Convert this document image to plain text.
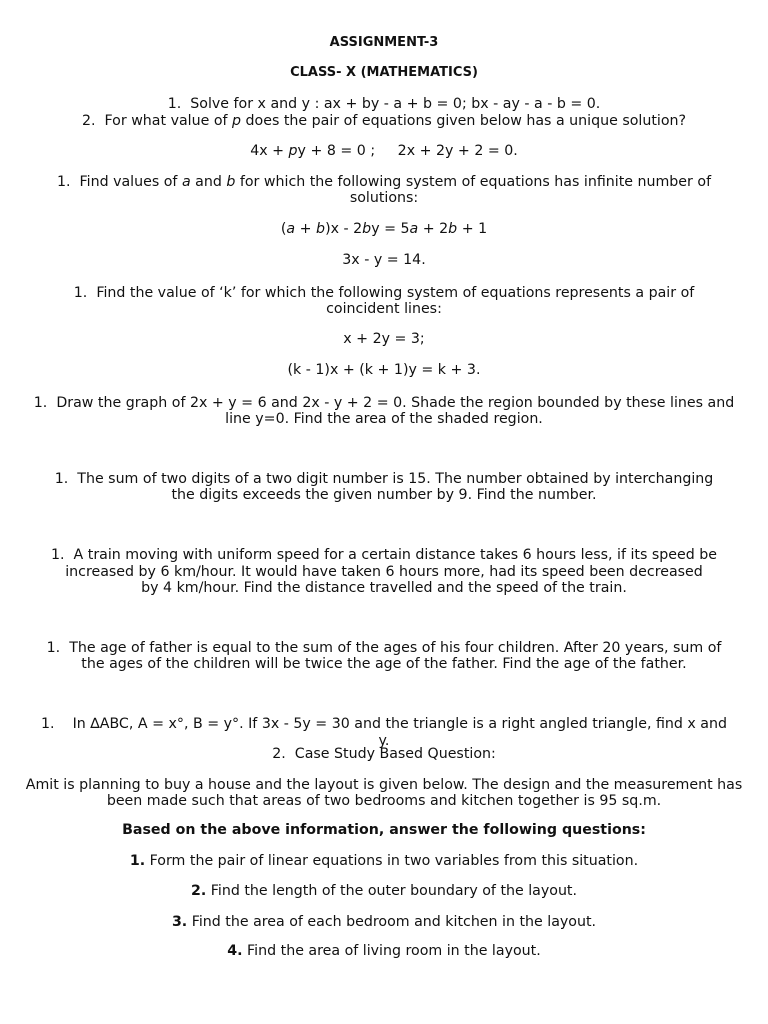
ASSIGNMENT-3
CLASS- X (MATHEMATICS)
1. Solve for x and y : ax + by - a + b = 0; bx - ay - a - b = 0.
2. For what value of p does the pair of equations given below has a unique solution?
4x + py + 8 = 0 ; 2x + 2y + 2 = 0.
1. Find values of a and b for which the following system of equations has infinite number of
solutions:
(a + b)x - 2by = 5a + 2b + 1
3x - y = 14.
1. Find the value of ‘k’ for which the following system of equations represents a pair of
coincident lines:
x + 2y = 3;
(k - 1)x + (k + 1)y = k + 3.
1. Draw the graph of 2x + y = 6 and 2x - y + 2 = 0. Shade the region bounded by these lines and
line y=0. Find the area of the shaded region.
1. The sum of two digits of a two digit number is 15. The number obtained by interchanging
the digits exceeds the given number by 9. Find the number.
1. A train moving with uniform speed for a certain distance takes 6 hours less, if its speed be
increased by 6 km/hour. It would have taken 6 hours more, had its speed been decreased
by 4 km/hour. Find the distance travelled and the speed of the train.
1. The age of father is equal to the sum of the ages of his four children. After 20 years, sum of
the ages of the children will be twice the age of the father. Find the age of the father.
1. In ∆ABC, A = x°, B = y°. If 3x - 5y = 30 and the triangle is a right angled triangle, find x and
y.
2. Case Study Based Question:
Amit is planning to buy a house and the layout is given below. The design and the measurement has
been made such that areas of two bedrooms and kitchen together is 95 sq.m.
Based on the above information, answer the following questions:
1. Form the pair of linear equations in two variables from this situation.
2. Find the length of the outer boundary of the layout.
3. Find the area of each bedroom and kitchen in the layout.
4. Find the area of living room in the layout.
